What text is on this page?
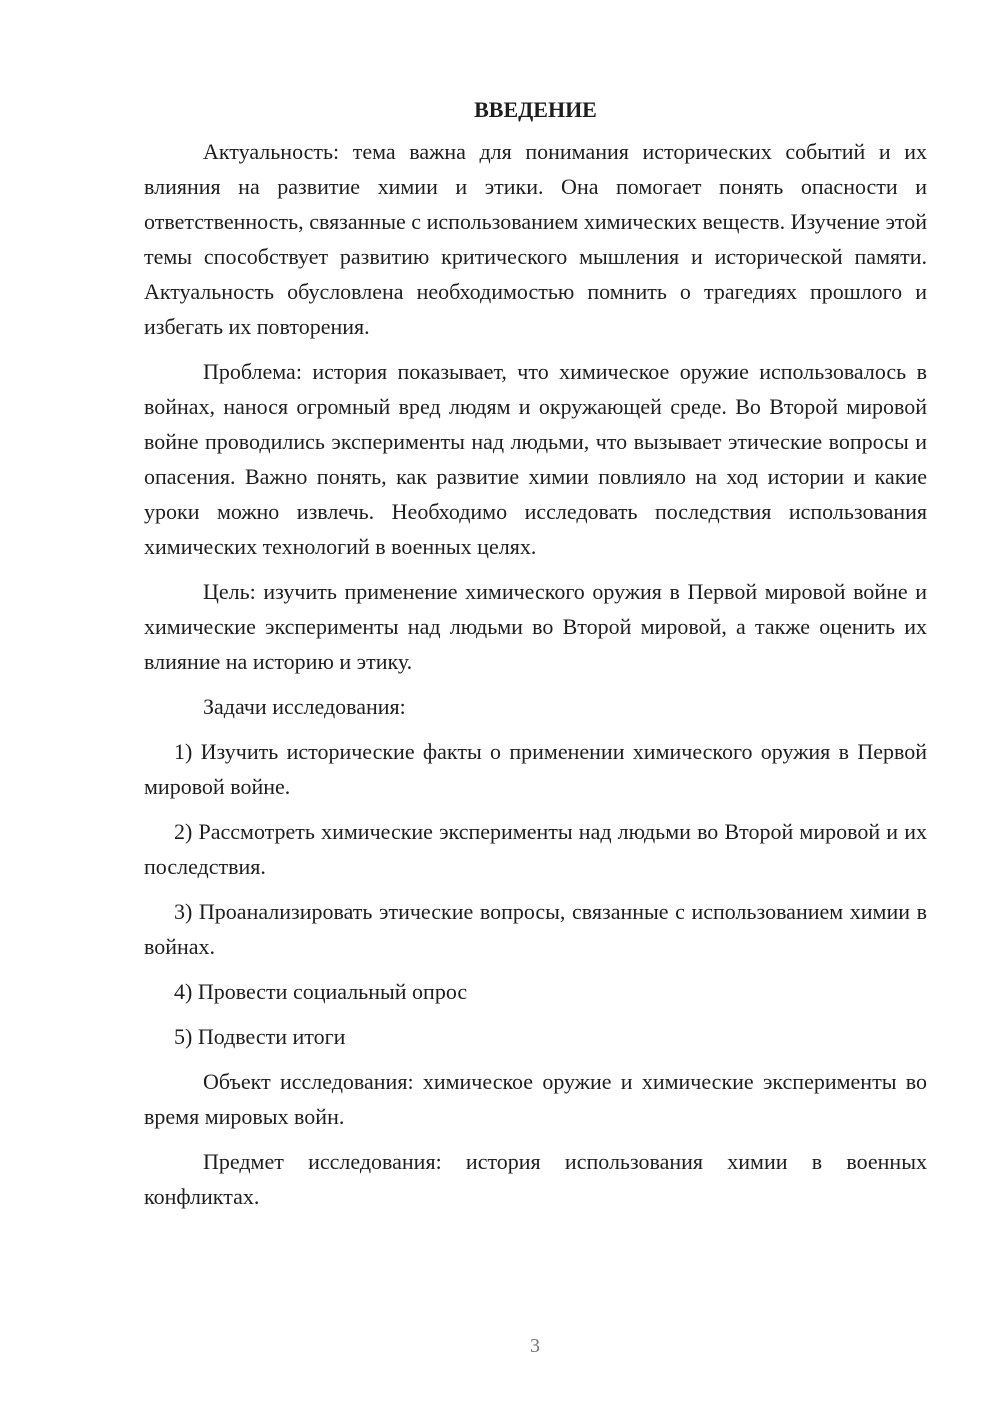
ВВЕДЕНИЕ

Актуальность: тема важна для понимания исторических событий и их влияния на развитие химии и этики. Она помогает понять опасности и ответственность, связанные с использованием химических веществ. Изучение этой темы способствует развитию критического мышления и исторической памяти. Актуальность обусловлена необходимостью помнить о трагедиях прошлого и избегать их повторения.

Проблема: история показывает, что химическое оружие использовалось в войнах, нанося огромный вред людям и окружающей среде. Во Второй мировой войне проводились эксперименты над людьми, что вызывает этические вопросы и опасения. Важно понять, как развитие химии повлияло на ход истории и какие уроки можно извлечь. Необходимо исследовать последствия использования химических технологий в военных целях.

Цель: изучить применение химического оружия в Первой мировой войне и химические эксперименты над людьми во Второй мировой, а также оценить их влияние на историю и этику.

Задачи исследования:

1) Изучить исторические факты о применении химического оружия в Первой мировой войне.

2) Рассмотреть химические эксперименты над людьми во Второй мировой и их последствия.

3) Проанализировать этические вопросы, связанные с использованием химии в войнах.

4) Провести социальный опрос

5) Подвести итоги

Объект исследования: химическое оружие и химические эксперименты во время мировых войн.

Предмет исследования: история использования химии в военных конфликтах.

3
